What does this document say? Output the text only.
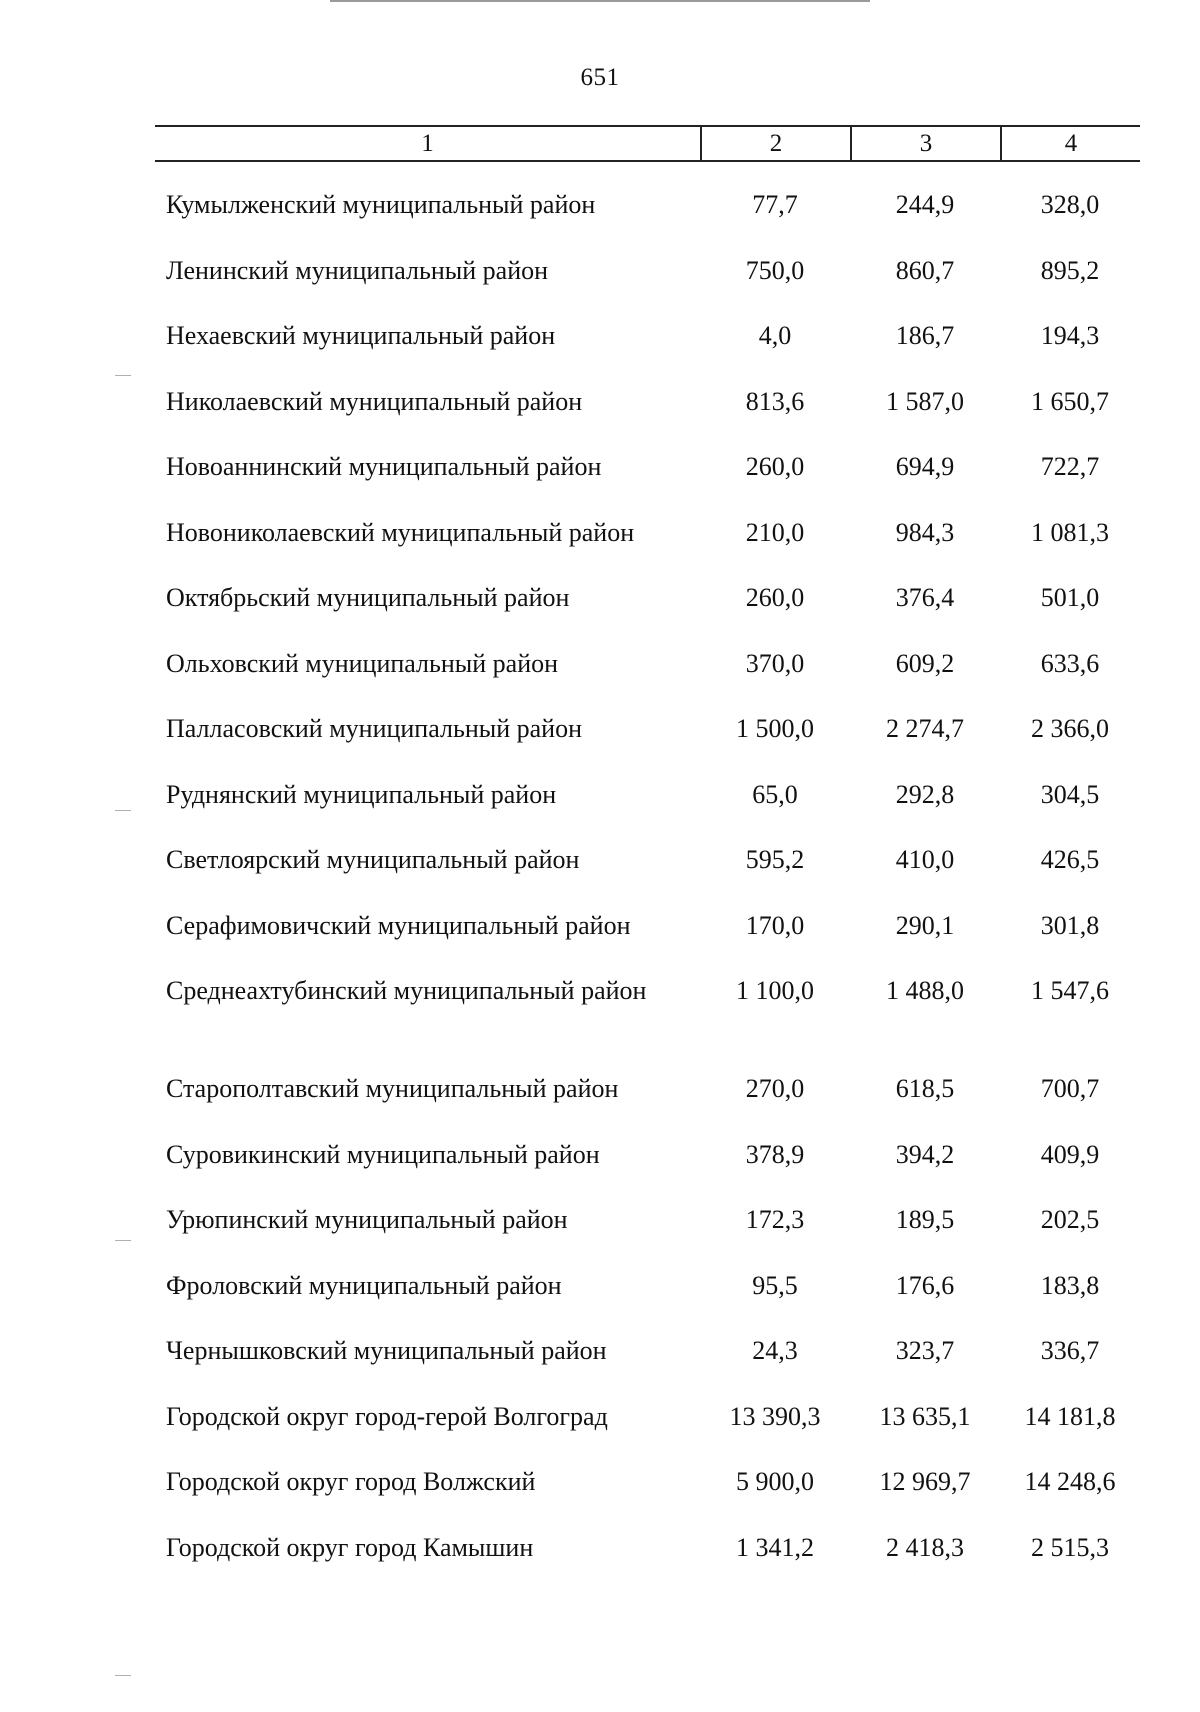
651
1	2	3	4
Кумылженский муниципальный район	77,7	244,9	328,0
Ленинский муниципальный район	750,0	860,7	895,2
Нехаевский муниципальный район	4,0	186,7	194,3
Николаевский муниципальный район	813,6	1 587,0	1 650,7
Новоаннинский муниципальный район	260,0	694,9	722,7
Новониколаевский муниципальный район	210,0	984,3	1 081,3
Октябрьский муниципальный район	260,0	376,4	501,0
Ольховский муниципальный район	370,0	609,2	633,6
Палласовский муниципальный район	1 500,0	2 274,7	2 366,0
Руднянский муниципальный район	65,0	292,8	304,5
Светлоярский муниципальный район	595,2	410,0	426,5
Серафимовичский муниципальный район	170,0	290,1	301,8
Среднеахтубинский муниципальный район	1 100,0	1 488,0	1 547,6
Старополтавский муниципальный район	270,0	618,5	700,7
Суровикинский муниципальный район	378,9	394,2	409,9
Урюпинский муниципальный район	172,3	189,5	202,5
Фроловский муниципальный район	95,5	176,6	183,8
Чернышковский муниципальный район	24,3	323,7	336,7
Городской округ город-герой Волгоград	13 390,3	13 635,1	14 181,8
Городской округ город Волжский	5 900,0	12 969,7	14 248,6
Городской округ город Камышин	1 341,2	2 418,3	2 515,3
